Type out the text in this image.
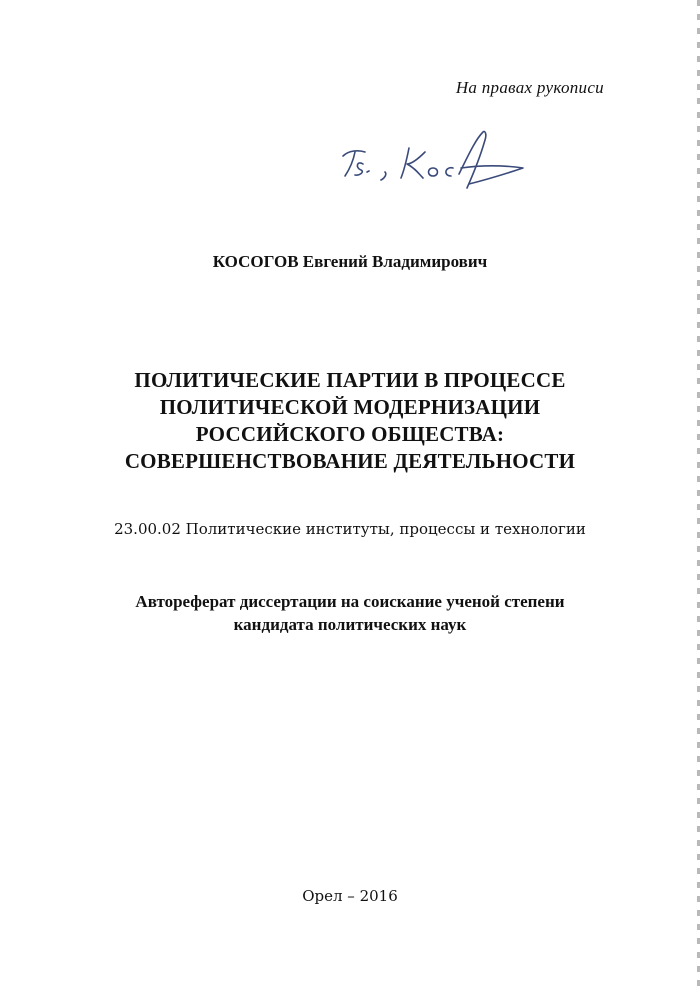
На правах рукописи
КОСОГОВ Евгений Владимирович
ПОЛИТИЧЕСКИЕ ПАРТИИ В ПРОЦЕССЕ
ПОЛИТИЧЕСКОЙ МОДЕРНИЗАЦИИ
РОССИЙСКОГО ОБЩЕСТВА:
СОВЕРШЕНСТВОВАНИЕ ДЕЯТЕЛЬНОСТИ
23.00.02 Политические институты, процессы и технологии
Автореферат диссертации на соискание ученой степени
кандидата политических наук
Орел – 2016
